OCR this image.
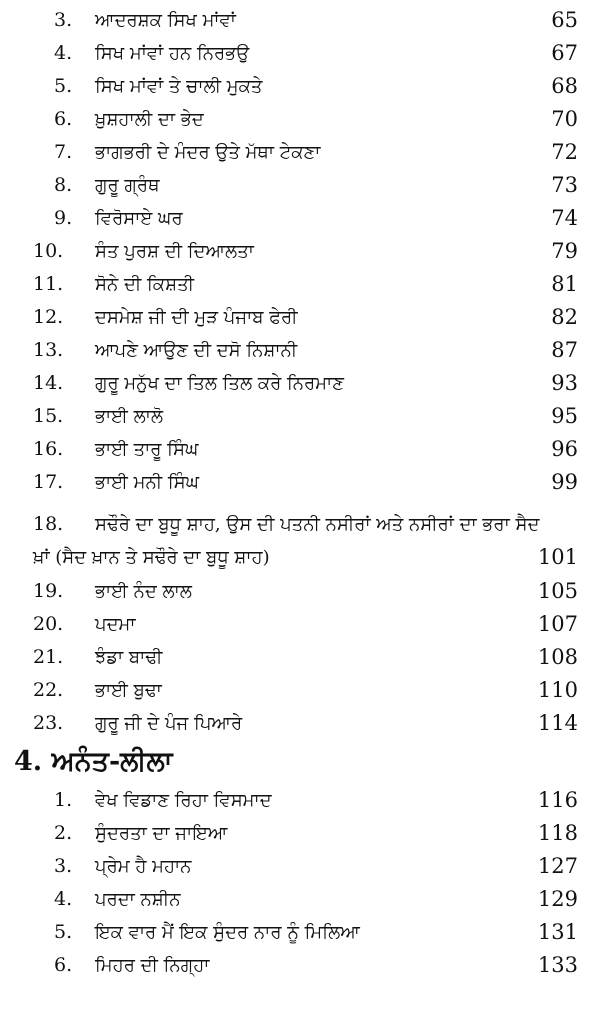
3. ਆਦਰਸ਼ਕ ਸਿਖ ਮਾਂਵਾਂ	65
4. ਸਿਖ ਮਾਂਵਾਂ ਹਨ ਨਿਰਭਉ	67
5. ਸਿਖ ਮਾਂਵਾਂ ਤੇ ਚਾਲੀ ਮੁਕਤੇ	68
6. ਖ਼ੁਸ਼ਹਾਲੀ ਦਾ ਭੇਦ	70
7. ਭਾਗਭਰੀ ਦੇ ਮੰਦਰ ਉਤੇ ਮੱਥਾ ਟੇਕਣਾ	72
8. ਗੁਰੂ ਗ੍ਰੰਥ	73
9. ਵਿਰੋਸਾਏ ਘਰ	74
10. ਸੰਤ ਪੁਰਸ਼ ਦੀ ਦਿਆਲਤਾ	79
11. ਸੋਨੇ ਦੀ ਕਿਸ਼ਤੀ	81
12. ਦਸਮੇਸ਼ ਜੀ ਦੀ ਮੁੜ ਪੰਜਾਬ ਫੇਰੀ	82
13. ਆਪਣੇ ਆਉਣ ਦੀ ਦਸੋ ਨਿਸ਼ਾਨੀ	87
14. ਗੁਰੂ ਮਨੁੱਖ ਦਾ ਤਿਲ ਤਿਲ ਕਰੇ ਨਿਰਮਾਣ	93
15. ਭਾਈ ਲਾਲੋ	95
16. ਭਾਈ ਤਾਰੂ ਸਿੰਘ	96
17. ਭਾਈ ਮਨੀ ਸਿੰਘ	99
18. ਸਢੌਰੇ ਦਾ ਬੁਧੂ ਸ਼ਾਹ, ਉਸ ਦੀ ਪਤਨੀ ਨਸੀਰਾਂ ਅਤੇ ਨਸੀਰਾਂ ਦਾ ਭਰਾ ਸੈਦ
ਖ਼ਾਂ (ਸੈਦ ਖ਼ਾਨ ਤੇ ਸਢੌਰੇ ਦਾ ਬੁਧੂ ਸ਼ਾਹ)	101
19. ਭਾਈ ਨੰਦ ਲਾਲ	105
20. ਪਦਮਾ	107
21. ਝੰਡਾ ਬਾਢੀ	108
22. ਭਾਈ ਬੁਢਾ	110
23. ਗੁਰੂ ਜੀ ਦੇ ਪੰਜ ਪਿਆਰੇ	114
4. ਅਨੰਤ-ਲੀਲਾ
1. ਵੇਖ ਵਿਡਾਣ ਰਿਹਾ ਵਿਸਮਾਦ	116
2. ਸੁੰਦਰਤਾ ਦਾ ਜਾਇਆ	118
3. ਪ੍ਰੇਮ ਹੈ ਮਹਾਨ	127
4. ਪਰਦਾ ਨਸ਼ੀਨ	129
5. ਇਕ ਵਾਰ ਮੈਂ ਇਕ ਸੁੰਦਰ ਨਾਰ ਨੂੰ ਮਿਲਿਆ	131
6. ਮਿਹਰ ਦੀ ਨਿਗ੍ਹਾ	133
